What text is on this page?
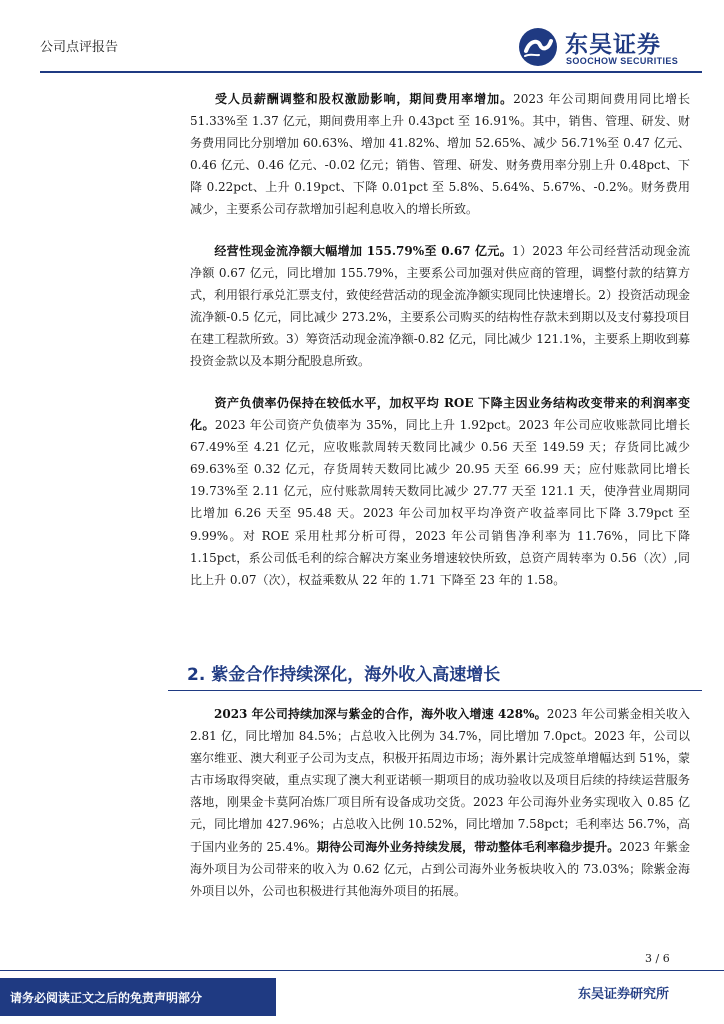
公司点评报告	东吴证券
SOOCHOW SECURITIES

受人员薪酬调整和股权激励影响，期间费用率增加。2023 年公司期间费用同比增长 51.33%至 1.37 亿元，期间费用率上升 0.43pct 至 16.91%。其中，销售、管理、研发、财务费用同比分别增加 60.63%、增加 41.82%、增加 52.65%、减少 56.71%至 0.47 亿元、0.46 亿元、0.46 亿元、-0.02 亿元；销售、管理、研发、财务费用率分别上升 0.48pct、下降 0.22pct、上升 0.19pct、下降 0.01pct 至 5.8%、5.64%、5.67%、-0.2%。财务费用减少，主要系公司存款增加引起利息收入的增长所致。

经营性现金流净额大幅增加 155.79%至 0.67 亿元。1）2023 年公司经营活动现金流净额 0.67 亿元，同比增加 155.79%，主要系公司加强对供应商的管理，调整付款的结算方式，利用银行承兑汇票支付，致使经营活动的现金流净额实现同比快速增长。2）投资活动现金流净额-0.5 亿元，同比减少 273.2%，主要系公司购买的结构性存款未到期以及支付募投项目在建工程款所致。3）筹资活动现金流净额-0.82 亿元，同比减少 121.1%，主要系上期收到募投资金款以及本期分配股息所致。

资产负债率仍保持在较低水平，加权平均 ROE 下降主因业务结构改变带来的利润率变化。2023 年公司资产负债率为 35%，同比上升 1.92pct。2023 年公司应收账款同比增长 67.49%至 4.21 亿元，应收账款周转天数同比减少 0.56 天至 149.59 天；存货同比减少 69.63%至 0.32 亿元，存货周转天数同比减少 20.95 天至 66.99 天；应付账款同比增长 19.73%至 2.11 亿元，应付账款周转天数同比减少 27.77 天至 121.1 天，使净营业周期同比增加 6.26 天至 95.48 天。2023 年公司加权平均净资产收益率同比下降 3.79pct 至 9.99%。对 ROE 采用杜邦分析可得，2023 年公司销售净利率为 11.76%，同比下降 1.15pct，系公司低毛利的综合解决方案业务增速较快所致，总资产周转率为 0.56（次）,同比上升 0.07（次），权益乘数从 22 年的 1.71 下降至 23 年的 1.58。

2. 紫金合作持续深化，海外收入高速增长

2023 年公司持续加深与紫金的合作，海外收入增速 428%。2023 年公司紫金相关收入 2.81 亿，同比增加 84.5%；占总收入比例为 34.7%，同比增加 7.0pct。2023 年，公司以塞尔维亚、澳大利亚子公司为支点，积极开拓周边市场；海外累计完成签单增幅达到 51%，蒙古市场取得突破，重点实现了澳大利亚诺顿一期项目的成功验收以及项目后续的持续运营服务落地，刚果金卡莫阿冶炼厂项目所有设备成功交货。2023 年公司海外业务实现收入 0.85 亿元，同比增加 427.96%；占总收入比例 10.52%，同比增加 7.58pct；毛利率达 56.7%，高于国内业务的 25.4%。期待公司海外业务持续发展，带动整体毛利率稳步提升。2023 年紫金海外项目为公司带来的收入为 0.62 亿元，占到公司海外业务板块收入的 73.03%；除紫金海外项目以外，公司也积极进行其他海外项目的拓展。

3 / 6
请务必阅读正文之后的免责声明部分	东吴证券研究所
